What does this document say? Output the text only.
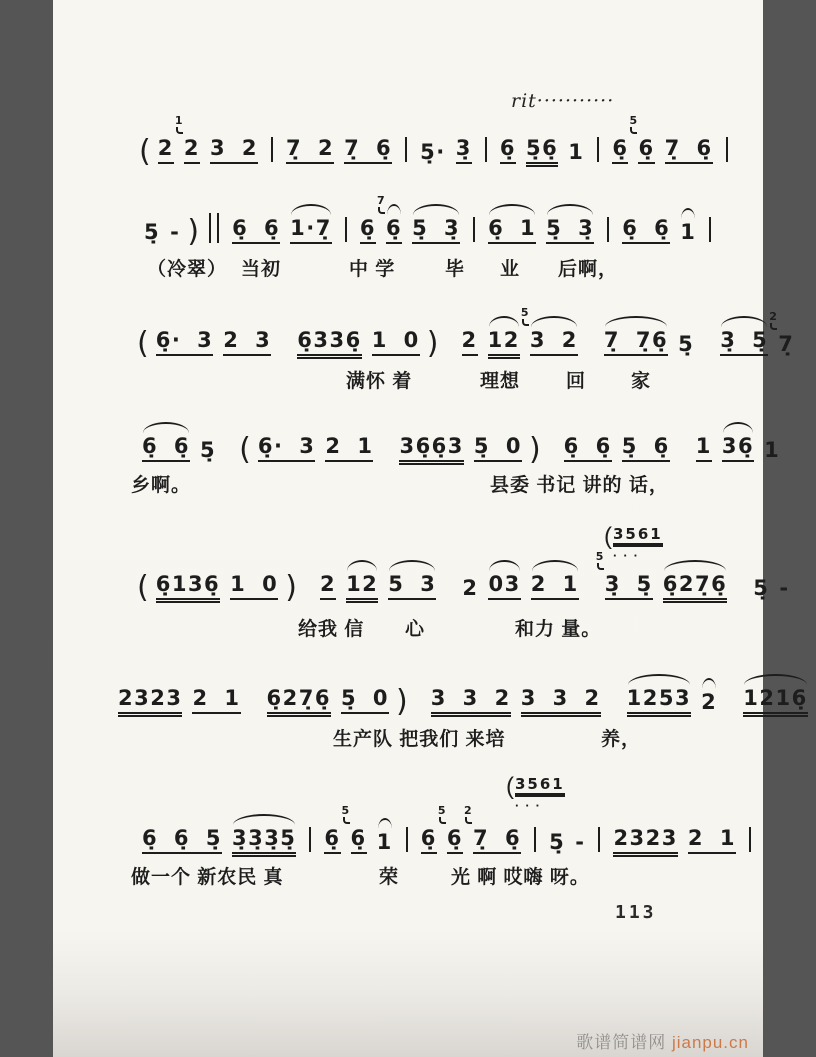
rit···········
( 2 2
1
3 2 7̣ 2 7̣ 6̣ 5̣· 3̣ 6̣ 5̣6̣ 1 6̣ 6̣
5
7̣ 6̣
5̣ - ) 6̣ 6̣ 1·7̣ 6̣ 6̣
7
5̣ 3̣ 6̣ 1 5̣ 3̣ 6̣ 6̣ 1
（冷翠） 当初	中 学	毕 业 后啊，
( 6̣· 3 2 3 6̣336̣ 1 0 ) 2 12 3 2
5
7̣ 7̣6̣ 5̣ 3̣ 5̣ 7̣
2
满怀 着	理想 回 家
6̣ 6̣ 5̣ ( 6̣· 3 2 1 36̣6̣3 5̣ 0 ) 6̣ 6̣ 5̣ 6̣ 1 36̣ 1
乡啊。	县委 书记 讲的 话，
( 3561
···
( 6̣136̣ 1 0 ) 2 12 5 3 2 03 2 1 3̣ 5̣
5
6̣27̣6̣ 5̣ -
给我 信 心	和力 量。
2323 2 1 6̣27̣6̣ 5̣ 0 ) 3 3 2 3 3 2 1253 2 1216̣
生产队 把我们 来培	养，
( 3561
···
6̣ 6̣ 5̣ 3̣3̣3̣5̣ 6̣ 6̣
5
1 6̣ 6̣
5
7̣ 6̣
2
5̣ - 2323 2 1
做一个 新农民 真	荣	光 啊 哎嗨 呀。
113
歌谱简谱网 jianpu.cn
